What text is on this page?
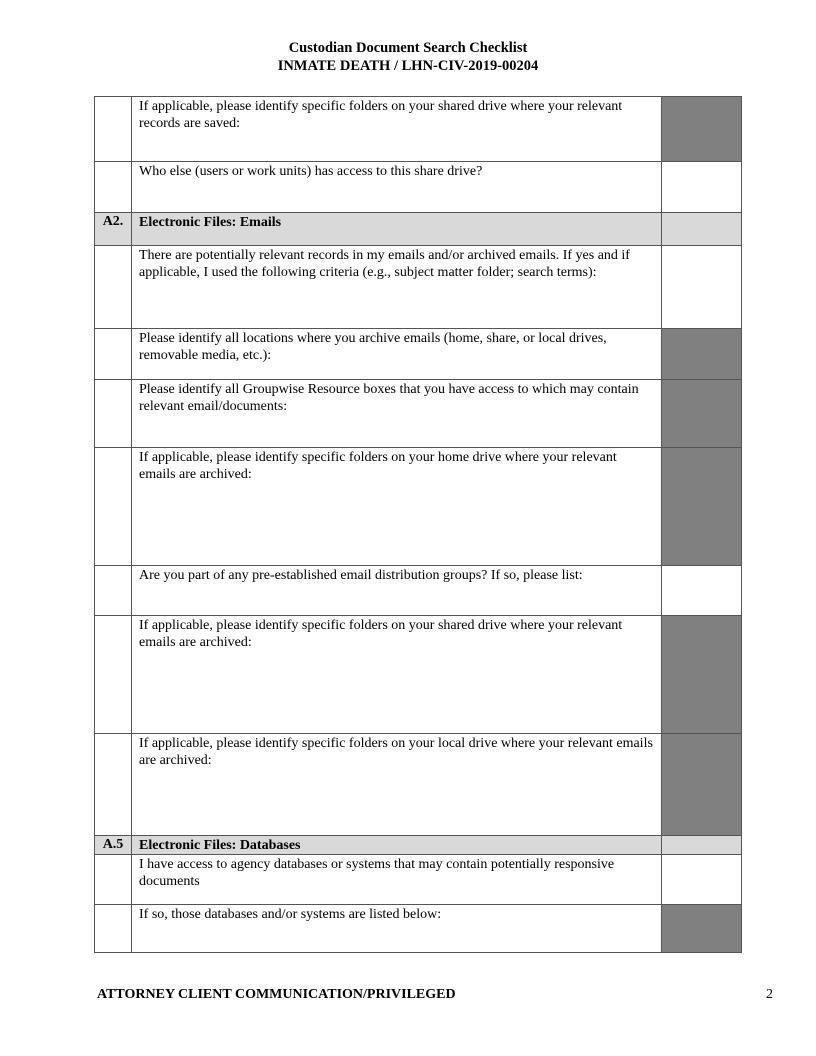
Custodian Document Search Checklist
INMATE DEATH / LHN-CIV-2019-00204
	If applicable, please identify specific folders on your shared drive where your relevant records are saved:	
	Who else (users or work units) has access to this share drive?	
A2.	Electronic Files: Emails	
	There are potentially relevant records in my emails and/or archived emails. If yes and if applicable, I used the following criteria (e.g., subject matter folder; search terms):	
	Please identify all locations where you archive emails (home, share, or local drives, removable media, etc.):	
	Please identify all Groupwise Resource boxes that you have access to which may contain relevant email/documents:	
	If applicable, please identify specific folders on your home drive where your relevant emails are archived:	
	Are you part of any pre-established email distribution groups? If so, please list:	
	If applicable, please identify specific folders on your shared drive where your relevant emails are archived:	
	If applicable, please identify specific folders on your local drive where your relevant emails are archived:	
A.5	Electronic Files: Databases	
	I have access to agency databases or systems that may contain potentially responsive documents	
	If so, those databases and/or systems are listed below:	
ATTORNEY CLIENT COMMUNICATION/PRIVILEGED	2
